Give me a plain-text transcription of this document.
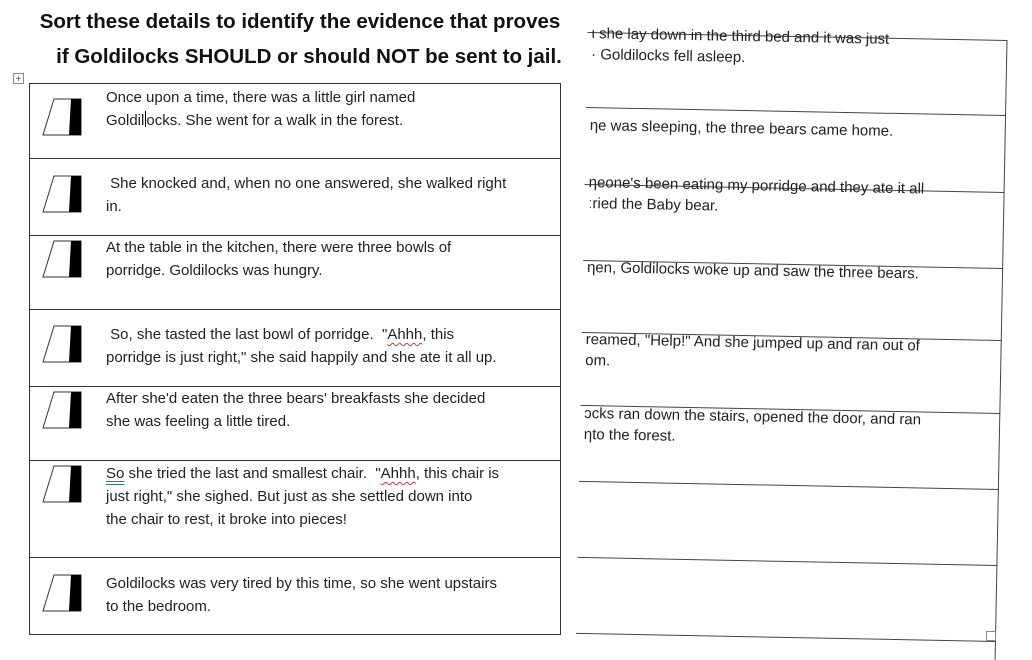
Sort these details to identify the evidence that proves
if Goldilocks SHOULD or should NOT be sent to jail.
+
Once upon a time, there was a little girl named
Goldil ocks. She went for a walk in the forest.
She knocked and, when no one answered, she walked right
in.
At the table in the kitchen, there were three bowls of
porridge. Goldilocks was hungry.
So, she tasted the last bowl of porridge.  "Ahhh, this
porridge is just right," she said happily and she ate it all up.
After she'd eaten the three bears' breakfasts she decided
she was feeling a little tired.
So she tried the last and smallest chair.  "Ahhh, this chair is
just right," she sighed. But just as she settled down into
the chair to rest, it broke into pieces!
Goldilocks was very tired by this time, so she went upstairs
to the bedroom.
ι she lay down in the third bed and it was just
· Goldilocks fell asleep.
ηe was sleeping, the three bears came home.
ηeone's been eating my porridge and they ate it all
ːried the Baby bear.
ηen, Goldilocks woke up and saw the three bears.
reamed, "Help!" And she jumped up and ran out of
om.
ɔcks ran down the stairs, opened the door, and ran
ηto the forest.
